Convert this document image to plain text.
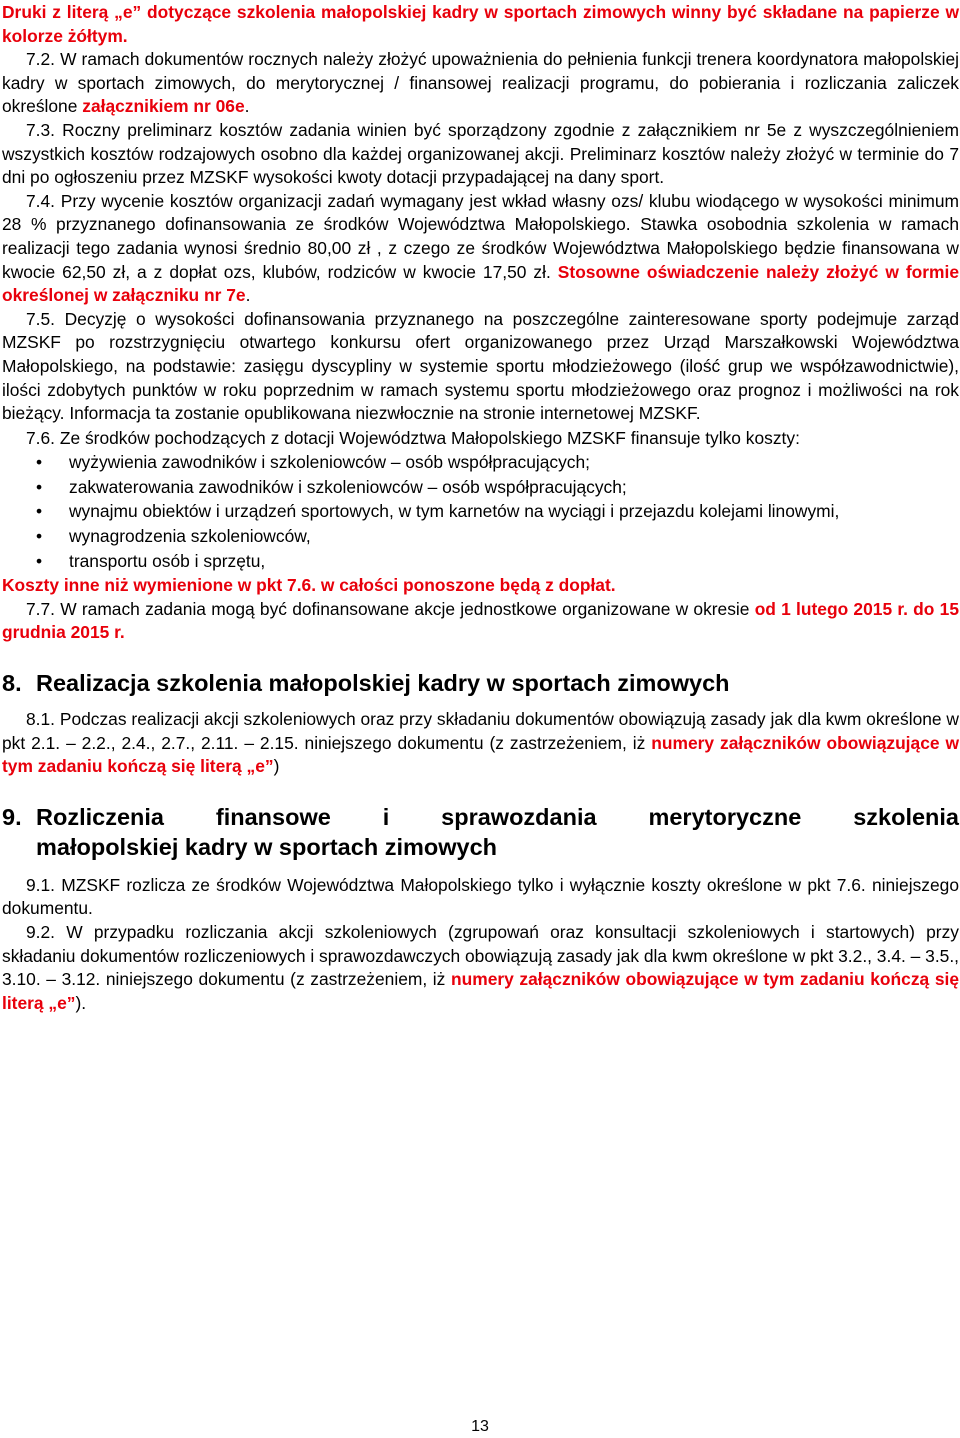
Druki z literą „e” dotyczące szkolenia małopolskiej kadry w sportach zimowych winny być składane na papierze w kolorze żółtym.

7.2. W ramach dokumentów rocznych należy złożyć upoważnienia do pełnienia funkcji trenera koordynatora małopolskiej kadry w sportach zimowych, do merytorycznej / finansowej realizacji programu, do pobierania i rozliczania zaliczek określone załącznikiem nr 06e.

7.3. Roczny preliminarz kosztów zadania winien być sporządzony zgodnie z załącznikiem nr 5e z wyszczególnieniem wszystkich kosztów rodzajowych osobno dla każdej organizowanej akcji. Preliminarz kosztów należy złożyć w terminie do 7 dni po ogłoszeniu przez MZSKF wysokości kwoty dotacji przypadającej na dany sport.

7.4. Przy wycenie kosztów organizacji zadań wymagany jest wkład własny ozs/ klubu wiodącego w wysokości minimum 28 % przyznanego dofinansowania ze środków Województwa Małopolskiego. Stawka osobodnia szkolenia w ramach realizacji tego zadania wynosi średnio 80,00 zł , z czego ze środków Województwa Małopolskiego będzie finansowana w kwocie 62,50 zł, a z dopłat ozs, klubów, rodziców w kwocie 17,50 zł. Stosowne oświadczenie należy złożyć w formie określonej w załączniku nr 7e.

7.5. Decyzję o wysokości dofinansowania przyznanego na poszczególne zainteresowane sporty podejmuje zarząd MZSKF po rozstrzygnięciu otwartego konkursu ofert organizowanego przez Urząd Marszałkowski Województwa Małopolskiego, na podstawie: zasięgu dyscypliny w systemie sportu młodzieżowego (ilość grup we współzawodnictwie), ilości zdobytych punktów w roku poprzednim w ramach systemu sportu młodzieżowego oraz prognoz i możliwości na rok bieżący. Informacja ta zostanie opublikowana niezwłocznie na stronie internetowej MZSKF.

7.6. Ze środków pochodzących z dotacji Województwa Małopolskiego MZSKF finansuje tylko koszty:

• wyżywienia zawodników i szkoleniowców – osób współpracujących;
• zakwaterowania zawodników i szkoleniowców – osób współpracujących;
• wynajmu obiektów i urządzeń sportowych, w tym karnetów na wyciągi i przejazdu kolejami linowymi,
• wynagrodzenia szkoleniowców,
• transportu osób i sprzętu,

Koszty inne niż wymienione w pkt 7.6. w całości ponoszone będą z dopłat.

7.7. W ramach zadania mogą być dofinansowane akcje jednostkowe organizowane w okresie od 1 lutego 2015 r. do 15 grudnia 2015 r.

8. Realizacja szkolenia małopolskiej kadry w sportach zimowych

8.1. Podczas realizacji akcji szkoleniowych oraz przy składaniu dokumentów obowiązują zasady jak dla kwm określone w pkt 2.1. – 2.2., 2.4., 2.7., 2.11. – 2.15. niniejszego dokumentu (z zastrzeżeniem, iż numery załączników obowiązujące w tym zadaniu kończą się literą „e”)

9. Rozliczenia finansowe i sprawozdania merytoryczne szkolenia
małopolskiej kadry w sportach zimowych

9.1. MZSKF rozlicza ze środków Województwa Małopolskiego tylko i wyłącznie koszty określone w pkt 7.6. niniejszego dokumentu.

9.2. W przypadku rozliczania akcji szkoleniowych (zgrupowań oraz konsultacji szkoleniowych i startowych) przy składaniu dokumentów rozliczeniowych i sprawozdawczych obowiązują zasady jak dla kwm określone w pkt 3.2., 3.4. – 3.5., 3.10. – 3.12. niniejszego dokumentu (z zastrzeżeniem, iż numery załączników obowiązujące w tym zadaniu kończą się literą „e”).

13
